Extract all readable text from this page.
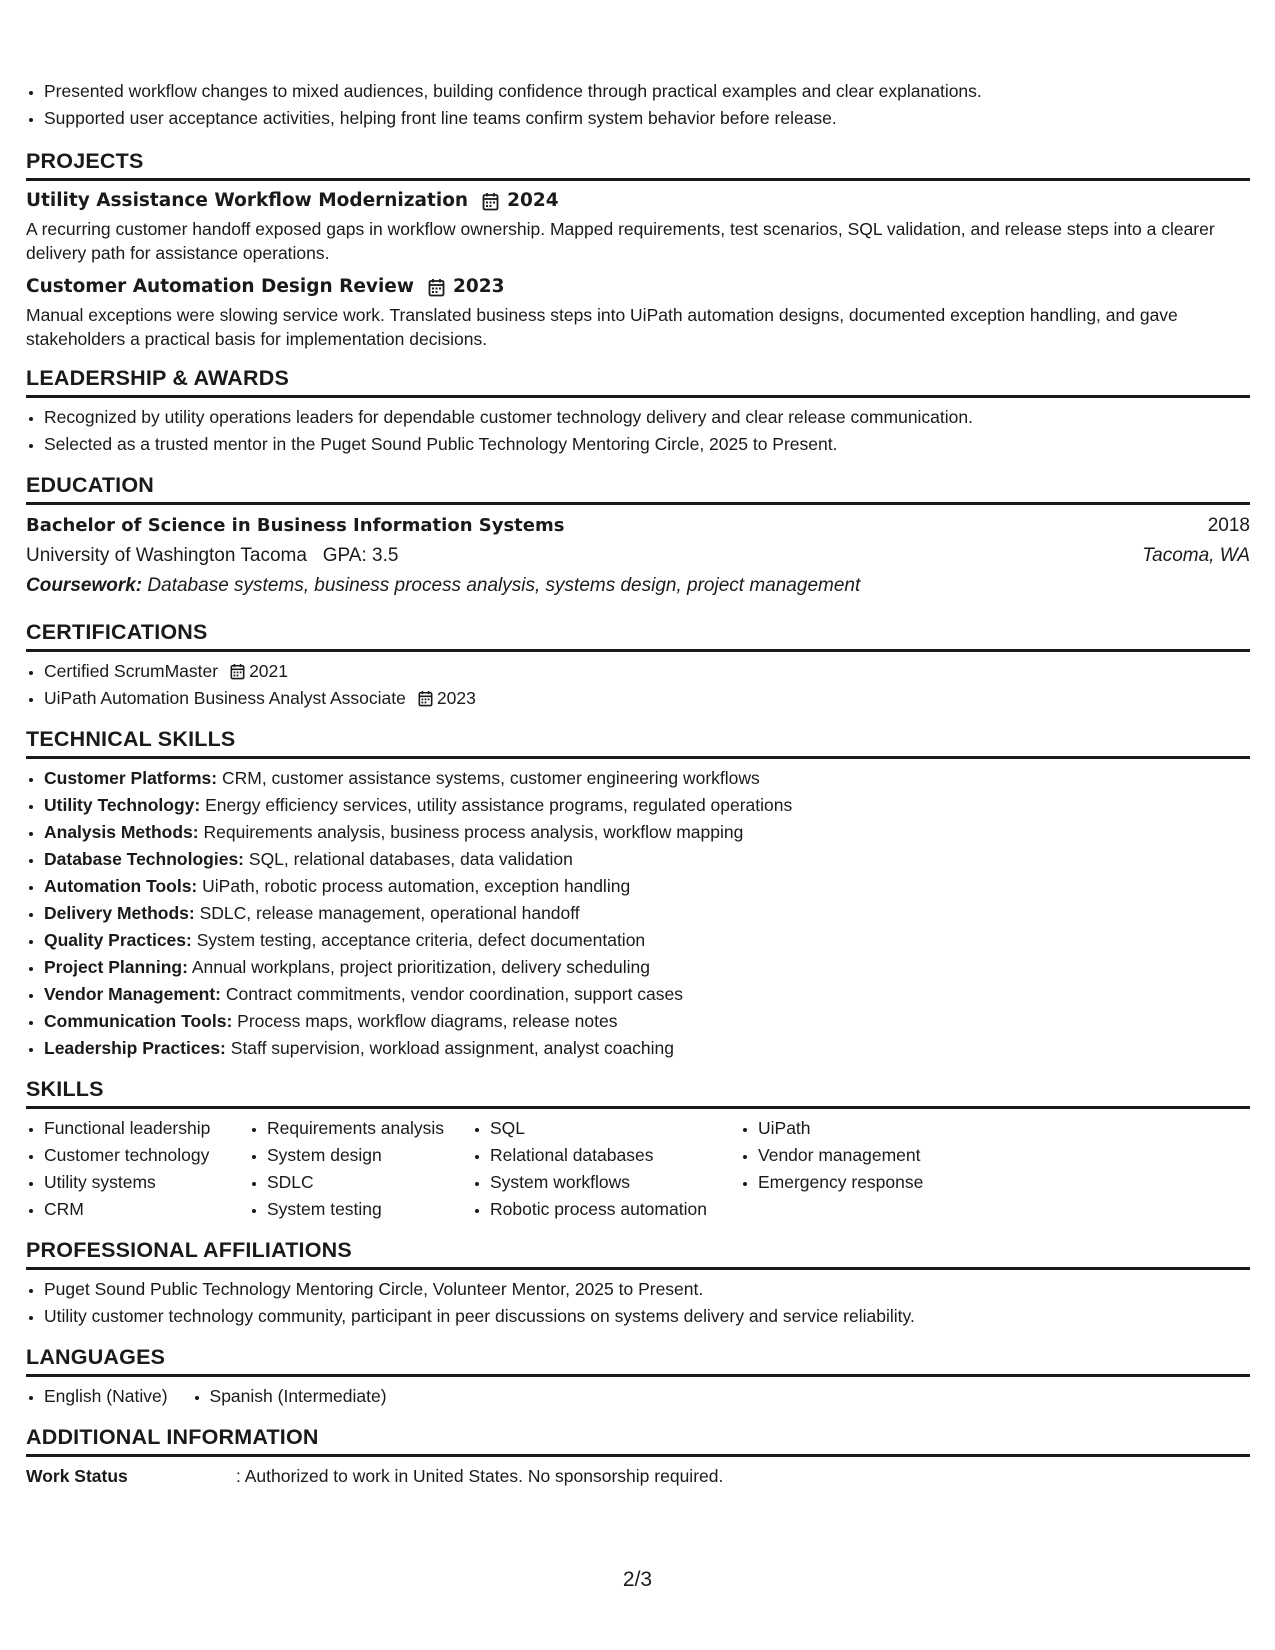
• Presented workflow changes to mixed audiences, building confidence through practical examples and clear explanations.
• Supported user acceptance activities, helping front line teams confirm system behavior before release.
PROJECTS
Utility Assistance Workflow Modernization 2024
A recurring customer handoff exposed gaps in workflow ownership. Mapped requirements, test scenarios, SQL validation, and release steps into a clearer delivery path for assistance operations.
Customer Automation Design Review 2023
Manual exceptions were slowing service work. Translated business steps into UiPath automation designs, documented exception handling, and gave stakeholders a practical basis for implementation decisions.
LEADERSHIP & AWARDS
• Recognized by utility operations leaders for dependable customer technology delivery and clear release communication.
• Selected as a trusted mentor in the Puget Sound Public Technology Mentoring Circle, 2025 to Present.
EDUCATION
Bachelor of Science in Business Information Systems	2018
University of Washington Tacoma GPA: 3.5	Tacoma, WA
Coursework: Database systems, business process analysis, systems design, project management
CERTIFICATIONS
• Certified ScrumMaster 2021
• UiPath Automation Business Analyst Associate 2023
TECHNICAL SKILLS
• Customer Platforms: CRM, customer assistance systems, customer engineering workflows
• Utility Technology: Energy efficiency services, utility assistance programs, regulated operations
• Analysis Methods: Requirements analysis, business process analysis, workflow mapping
• Database Technologies: SQL, relational databases, data validation
• Automation Tools: UiPath, robotic process automation, exception handling
• Delivery Methods: SDLC, release management, operational handoff
• Quality Practices: System testing, acceptance criteria, defect documentation
• Project Planning: Annual workplans, project prioritization, delivery scheduling
• Vendor Management: Contract commitments, vendor coordination, support cases
• Communication Tools: Process maps, workflow diagrams, release notes
• Leadership Practices: Staff supervision, workload assignment, analyst coaching
SKILLS
• Functional leadership
• Customer technology
• Utility systems
• CRM
• Requirements analysis
• System design
• SDLC
• System testing
• SQL
• Relational databases
• System workflows
• Robotic process automation
• UiPath
• Vendor management
• Emergency response
PROFESSIONAL AFFILIATIONS
• Puget Sound Public Technology Mentoring Circle, Volunteer Mentor, 2025 to Present.
• Utility customer technology community, participant in peer discussions on systems delivery and service reliability.
LANGUAGES
• English (Native)
• Spanish (Intermediate)
ADDITIONAL INFORMATION
Work Status	: Authorized to work in United States. No sponsorship required.
2/3
